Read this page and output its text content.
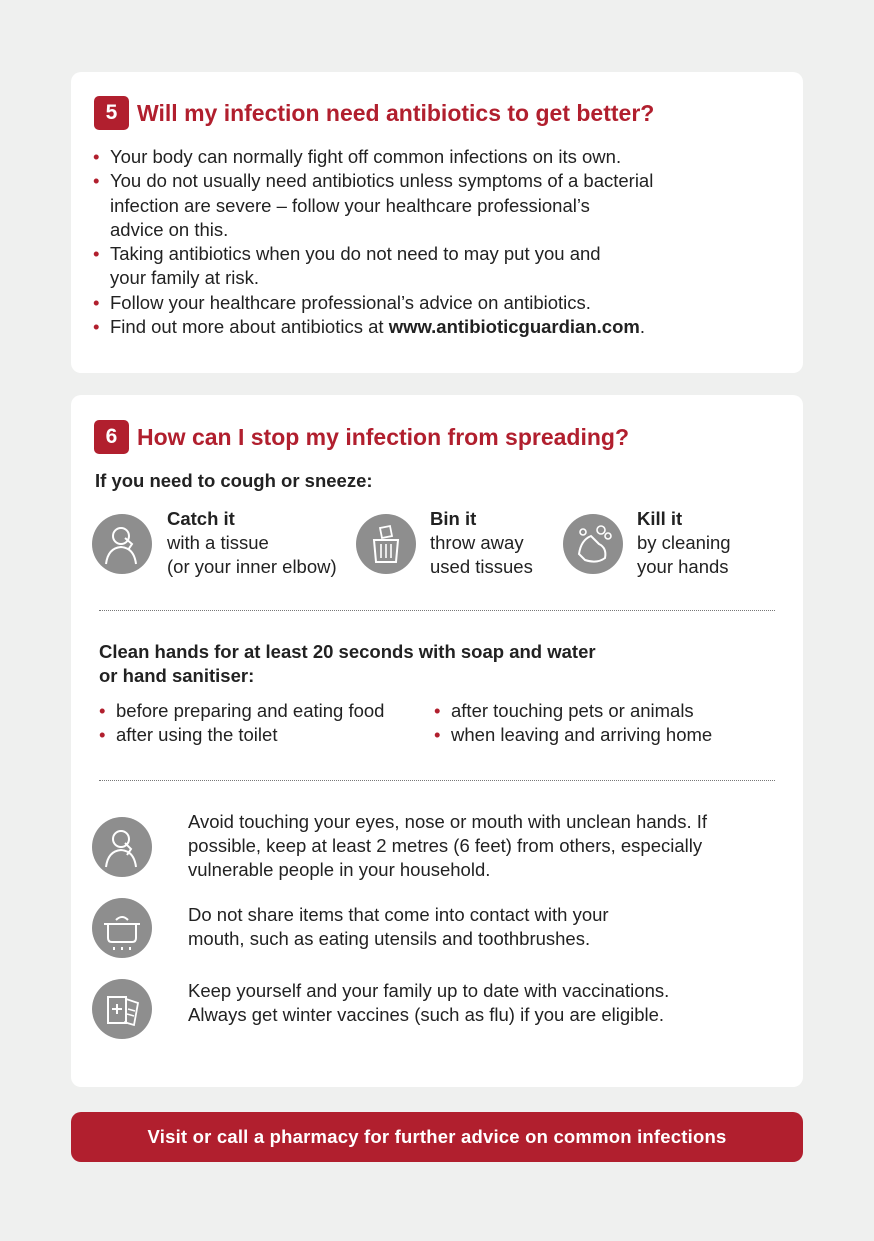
5 Will my infection need antibiotics to get better?
• Your body can normally fight off common infections on its own.
• You do not usually need antibiotics unless symptoms of a bacterial
infection are severe – follow your healthcare professional’s
advice on this.
• Taking antibiotics when you do not need to may put you and
your family at risk.
• Follow your healthcare professional’s advice on antibiotics.
• Find out more about antibiotics at www.antibioticguardian.com.
6 How can I stop my infection from spreading?
If you need to cough or sneeze:
Catch it
with a tissue
(or your inner elbow)
Bin it
throw away
used tissues
Kill it
by cleaning
your hands
Clean hands for at least 20 seconds with soap and water
or hand sanitiser:
• before preparing and eating food
• after using the toilet
• after touching pets or animals
• when leaving and arriving home
Avoid touching your eyes, nose or mouth with unclean hands. If
possible, keep at least 2 metres (6 feet) from others, especially
vulnerable people in your household.
Do not share items that come into contact with your
mouth, such as eating utensils and toothbrushes.
Keep yourself and your family up to date with vaccinations.
Always get winter vaccines (such as flu) if you are eligible.
Visit or call a pharmacy for further advice on common infections
